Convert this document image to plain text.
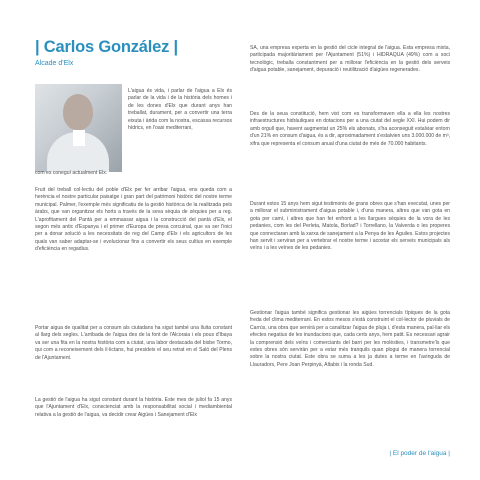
| Carlos González |
Alcade d'Elx

L'aigua és vida, i parlar de l'aigua a Elx és parlar de la vida i de la història dels homes i de les dones d'Elx que durant anys han treballat, durament, per a convertir una terra eixuta i àrida com la nostra, escassa recursos hídrics, en l'oasi mediterrani,

com es coneguí actualment Elx.

Fruit del treball col·lectiu del poble d'Elx per fer arribar l'aigua, ens queda com a herència el nostre particular paisatge i gran part del patrimoni històric del nostre terme municipal. Palmer, l'exemple més significatiu de la gestió històrica de la realitzada pels àrabs, que van organitzar els horts a través de la seva sèquia de sèquies per a reg. L'aprofitament del Pantà per a emmassar aigua i la construcció del pantà d'Elx, el segon més antic d'Espanya i el primer d'Europa de presa corcuinal, que va ser l'inici per a donar solució a les necessitats de reg del Camp d'Elx i els agricultors de les quals van saber adaptar-se i evolucionar fins a convertir els seus cultius en exemple d'eficiència en regadius.

Portar aigua de qualitat per a consum als ciutadans ha sigut també una lluita constant al llarg dels segles. L'arribada de l'aigua des de la font de l'Alcoraia i els pous d'Ibaya va ser una fita en la nostra història com a ciutat, una labor destacada del bisbe Tormo, qui com a reconeixement dels il·lictans, hui presideix el seu retrat en el Saló del Plens de l'Ajuntament.

La gestió de l'aigua ha sigut constant durant la història. Este mes de juliol fa 15 anys que l'Ajuntament d'Elx, conscienciat amb la responsabilitat social i mediambiental relativa a la gestió de l'aigua, va decidir crear Aigües i Sanejament d'Elx

SA, una empresa experta en la gestió del cicle integral de l'aigua. Esta empresa mixta, participada majoritàriament per l'Ajuntament (51%) i HIDRAQUA (49%) com a soci tecnològic, treballa constantment per a millorar l'eficiència en la gestió dels serveis d'aigua potable, sanejament, depuració i reutilització d'aigües regenerades.

Des de la seua constitució, hem vist com es transformaven ella a ella les nostres infraestructures hidràuliques en dotacions per a una ciutat del segle XXI. Hui podem dir amb orgull que, havent augmentat un 25% els abonats, s'ha aconseguit estalviar entorn d'un 21% en consum d'aigua, és a dir, aproximadament s'estalvien uns 3.000.000 de m³, xifra que representa el consum anual d'una ciutat de més de 70.000 habitants.

Durant estos 15 anys hem sigut testimonis de grans obres que s'han executat, unes per a millorar el subministrament d'aigua potable i, d'una manera, altres que van gota en gota per camí, i altres que han fet enfront a les llargues sèquies de la vora de les pedanies, com les del Perleta, Matola, Borlad? i Torrellano, la Valverda o les properes que connectaran amb la xarxa de sanejament a la Penya de les Àguiles. Estos projectes han servit i serviran per a vertebrar el nostre terme i acostar els serveis municipals als veïns i a les veïnes de les pedanies.

Gestionar l'aigua també significa gestionar les aigües torrencials típiques de la gota freda del clima mediterrani. En estos mesos s'està construint el col·lector de pluvials de Carrús, una obra que servirà per a canalitzar l'aigua de pluja i, d'esta manera, pal·liar els efectes negatius de les inundacions que, cada certs anys, hem patit. Es necessari agrair la comprensió dels veïns i comerciants del barri per les molèsties, i transmetre'ls que estes obres són servirán per a estar més tranquils quan plogui de manera torrencial sobre la nostra ciutat. Este obra se suma a les ja dutes a terme en l'avinguda de Llauradors, Pere Joan Perpinyà, Altabix i la ronda Sud.

| El poder de l'aigua |
